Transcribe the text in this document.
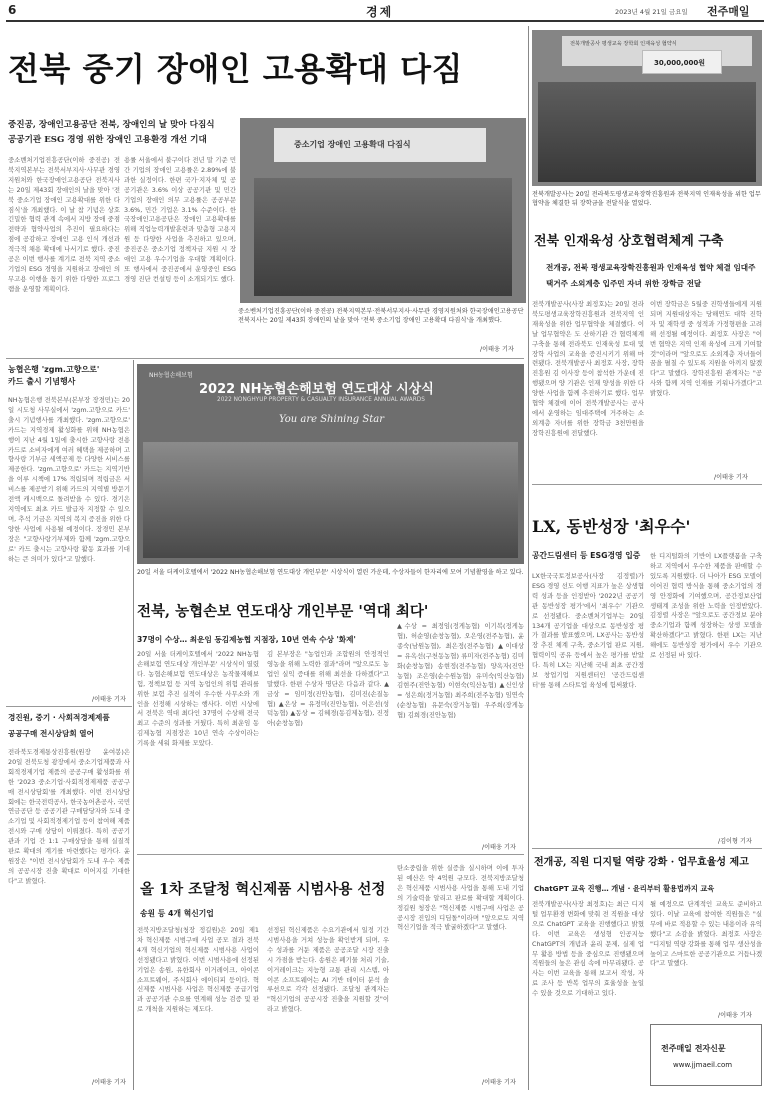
6	경제	2023년 4월 21일 금요일 전주매일
전북 중기 장애인 고용확대 다짐
중소기업 장애인 고용확대 다짐식
중소벤처기업진흥공단(이하 중진공) 전북지역본부·전북서부지사·사무관 경영지원처와 한국장애인고용공단 전북지사는 20일 제43회 장애인의 날을 맞아 '전북 중소기업 장애인 고용확대 다짐식'을 개최했다.
중진공, 장애인고용공단 전북, 장애인의 날 맞아 다짐식
공공기관 ESG 경영 위한 장애인 고용환경 개선 기대
중소벤처기업진흥공단(이하 중진공) 전북지역본부는 전북서부지사·사무관 경영지원처와 한국장애인고용공단 전북지사는 20일 제43회 장애인의 날을 맞아 '전북 중소기업 장애인 고용확대를 위한 다짐식'을 개최했다. 이 날 참 기념은 상호 긴밀한 협력 관계 속에서 지방 장애 중점 전략과 협약사업의 추진이 필요하다는 점에 공감하고 장애인 고용 인식 개선과 적극적 채용 확대에 나서기로 했다. 중진공은 이번 행사를 계기로 전북 지역 중소기업의 ESG 경영을 지원하고 장애인 의무고용 이행을 돕기 위한 다양한 프로그램을 운영할 계획이다.
용률 서울에서 불구이다 전년 말 기준 민간 기업의 장애인 고용률은 2.89%에 불과한 실정이다. 한편 국가·지자체 및 공공기관은 3.6% 이상 공공기관 및 민간 기업의 장애인 의무 고용률은 공공부문 3.6%, 민간 기업은 3.1% 수준이다. 한국장애인고용공단은 장애인 고용확대를 위해 직업능력개발훈련과 맞춤형 고용지원 등 다양한 사업을 추진하고 있으며, 중진공은 중소기업 정책자금 지원 시 장애인 고용 우수기업을 우대할 계획이다. 또 행사에서 중진공에서 운영중인 ESG 경영 진단 컨설팅 등이 소개되기도 했다.
/이태웅 기자
전북개발공사 평생교육 장학회 인재육성 협약식
30,000,000원
전북개발공사는 20일 전라북도평생교육장학진흥원과 전북지역 인재육성을 위한 업무협약을 체결한 뒤 장학금을 전달식을 열었다.
전북 인재육성 상호협력체계 구축
전개공, 전북 평생교육장학진흥원과 인재육성 협약 체결 임대주택거주 소외계층 입주민 자녀 위한 장학금 전달
전북개발공사(사장 최정호)는 20일 전라북도평생교육장학진흥원과 전북지역 인재육성을 위한 업무협약을 체결했다. 이날 업무협약은 도 산하기관 간 협력체계 구축을 통해 전라북도 인재육성 토대 및 장학 사업의 교육을 증진시키기 위해 마련됐다. 전북개발공사 최정호 사장, 장학진흥원 김 이사장 등이 참석한 가운데 진행됐으며 양 기관은 인재 양성을 위한 다양한 사업을 함께 추진하기로 했다. 업무협약 체결에 이어 전북개발공사는 공사에서 운영하는 임대주택에 거주하는 소외계층 자녀를 위한 장학금 3천만원을 장학진흥원에 전달했다.
이번 장학금은 5월중 진학생들에게 지원되며 지원대상자는 당해연도 대학 진학자 및 재학생 중 성적과 가정형편을 고려해 선정될 예정이다. 최정호 사장은 "이번 협약은 지역 인재 육성에 크게 기여할 것"이라며 "앞으로도 소외계층 자녀들이 꿈을 펼칠 수 있도록 지원을 아끼지 않겠다"고 말했다. 장학진흥원 관계자는 "공사와 함께 지역 인재를 키워나가겠다"고 밝혔다.
/이태웅 기자
농협은행 'zgm.고향으로'
카드 출시 기념행사
NH농협은행 전북본부(본부장 장경민)는 20일 시도청 사무실에서 'zgm.고향으로 카드' 출시 기념행사를 개최했다. 'zgm.고향으로' 카드는 지역경제 활성화를 위해 NH농협은행이 지난 4월 1일에 출시한 고향사랑 전용 카드로 소비자에게 여러 혜택을 제공하며 고향사랑 기부금 세액공제 등 다양한 서비스를 제공한다. 'zgm.고향으로' 카드는 지역기반을 이루 시책에 17% 적립되며 적립금은 서비스를 제공받기 위해 카드의 지역별 방문기 전액 캐시백으로 돌려받을 수 있다. 경기은 지역에도 최초 카드 발급자 지정할 수 있으며, 추석 기금은 지역의 복지 증진을 위한 다양한 사업에 사용될 예정이다. 장경민 본부장은 "고향사랑기부제와 함께 'zgm.고향으로' 카드 출시는 고향사랑 활동 효과를 기대하는 큰 의미가 있다"고 말했다.
/이태웅 기자
경진원, 중기 · 사회적경제제품
공공구매 전시상담회 열어
전라북도경제통상진흥원(원장 윤여봉)은 20일 전북도청 광장에서 중소기업제품과 사회적경제기업 제품의 공공구매 활성화를 위한 '2023 중소기업·사회적경제제품 공공구매 전시상담회'를 개최했다. 이번 전시상담회에는 한국전력공사, 한국농어촌공사, 국민연금공단 등 공공기관 구매담당자와 도내 중소기업 및 사회적경제기업 등이 참여해 제품 전시와 구매 상담이 이뤄졌다. 특히 공공기관과 기업 간 1:1 구매상담을 통해 실질적 판로 확대의 계기를 마련했다는 평가다. 윤 원장은 "이번 전시상담회가 도내 우수 제품의 공공시장 진출 확대로 이어지길 기대한다"고 밝혔다.
/이태웅 기자
NH농협손해보험
2022 NH농협손해보험 연도대상 시상식
2022 NONGHYUP PROPERTY & CASUALTY INSURANCE ANNUAL AWARDS
You are Shining Star
20일 서울 더케이호텔에서 '2022 NH농협손해보험 연도대상 개인부문' 시상식이 열린 가운데, 수상자들이 한자리에 모여 기념촬영을 하고 있다.
전북, 농협손보 연도대상 개인부문 '역대 최다'
37명이 수상… 최운임 동김제농협 지점장, 10년 연속 수상 '화제'
20일 서울 더케이호텔에서 '2022 NH농협손해보험 연도대상 개인부문' 시상식이 열렸다. 농협손해보험 연도대상은 농작물재해보험, 정책보험 등 지역 농업인의 위험 관리를 위한 보험 추진 실적이 우수한 사무소와 개인을 선정해 시상하는 행사다. 이번 시상에서 전북은 역대 최다인 37명이 수상해 전국 최고 수준의 성과를 거뒀다. 특히 최운임 동김제농협 지점장은 10년 연속 수상이라는 기록을 세워 화제를 모았다.
김 본부장은 "농업인과 조합원의 안정적인 영농을 위해 노력한 결과"라며 "앞으로도 농업인 실익 증대를 위해 최선을 다하겠다"고 말했다. 한편 수상자 명단은 다음과 같다. ▲금상 = 임미정(진안농협), 김미진(손질농협) ▲은상 = 유정미(진안농협), 이은선(성덕농협) ▲동상 = 김혜경(동김제농협), 진정아(순창농협)
▲수상 = 최정임(정게농협) 이기복(정게농협), 허순영(순창농협), 오은영(전주농협), 윤종숙(남원농협), 최은정(전주농협) ▲이대상 = 유옥선(구천동농협) 류미자(전주농협) 김미화(순창농협) 송현정(전주농협) 양옥자(진안농협) 조은영(순수원농협) 유미숙(익산농협) 김현주(진안농협) 이현숙(익산농협) ▲신인상 = 성은희(정거농협) 최주희(전주농협) 임연숙(순창농협) 유문숙(장거농협) 우주희(장게농협) 김희경(진안농협)
/이태웅 기자
올 1차 조달청 혁신제품 시범사용 선정
송원 등 4개 혁신기업
전북지방조달청(청장 정길원)은 20일 제1차 혁신제품 시범구매 사업 공모 결과 전북 4개 혁신기업의 혁신제품 시범사용 사업이 선정됐다고 밝혔다. 이번 시범사용에 선정된 기업은 송원, 유한회사 이거레이크, 아이콘 소프트웨어, 주식회사 에이티피 등이다. 혁신제품 시범사용 사업은 혁신제품 공급기업과 공공기관 수요를 연계해 성능 검증 및 판로 개척을 지원하는 제도다.
선정된 혁신제품은 수요기관에서 일정 기간 시범사용을 거쳐 성능을 확인받게 되며, 우수 성과를 거둔 제품은 공공조달 시장 진출 시 가점을 받는다. 송원은 폐기물 처리 기술, 이거레이크는 지능형 교통 관리 시스템, 아이콘 소프트웨어는 AI 기반 데이터 분석 솔루션으로 각각 선정됐다. 조달청 관계자는 "혁신기업의 공공시장 진출을 지원할 것"이라고 밝혔다.
탄소중립을 위한 실증을 실시하며 이에 투자된 예산은 약 4억원 규모다. 전북지방조달청은 혁신제품 시범사용 사업을 통해 도내 기업의 기술력을 알리고 판로를 확대할 계획이다. 정길원 청장은 "혁신제품 시범구매 사업은 공공시장 진입의 디딤돌"이라며 "앞으로도 지역 혁신기업을 적극 발굴하겠다"고 말했다.
/이태웅 기자
LX, 동반성장 '최우수'
공간드림센터 등 ESG경영 입증
LX한국국토정보공사(사장 김정렬)가 ESG 경영 선도 이행 지표가 높은 상생협력 성과 등을 인정받아 '2022년 공공기관 동반성장 평가'에서 '최우수' 기관으로 선정됐다. 중소벤처기업부는 20일 134개 공기업을 대상으로 동반성장 평가 결과를 발표했으며, LX공사는 동반성장 추진 체계 구축, 중소기업 판로 지원, 협력이익 공유 등에서 높은 평가를 받았다. 특히 LX는 지난해 국내 최초 공간정보 창업기업 지원센터인 '공간드림센터'를 통해 스타트업 육성에 힘써왔다.
한 디지털화의 기반이 LX플랫폼을 구축하고 지역에서 우수한 제품을 판매할 수 있도록 지원했다. 더 나아가 ESG 모델이 이어진 협력 방식을 통해 중소기업의 경영 안정화에 기여했으며, 공간정보산업 생태계 조성을 위한 노력을 인정받았다. 김정렬 사장은 "앞으로도 공간정보 분야 중소기업과 함께 성장하는 상생 모델을 확산하겠다"고 밝혔다. 한편 LX는 지난해에도 동반성장 평가에서 우수 기관으로 선정된 바 있다.
/김이형 기자
전개공, 직원 디지털 역량 강화 · 업무효율성 제고
ChatGPT 교육 진행… 개념 · 윤리부터 활용법까지 교육
전북개발공사(사장 최정호)는 최근 디지털 업무환경 변화에 맞춰 전 직원을 대상으로 ChatGPT 교육을 진행했다고 밝혔다. 이번 교육은 생성형 인공지능 ChatGPT의 개념과 윤리 문제, 실제 업무 활용 방법 등을 중심으로 진행됐으며 직원들의 높은 관심 속에 마무리됐다. 공사는 이번 교육을 통해 보고서 작성, 자료 조사 등 반복 업무의 효율성을 높일 수 있을 것으로 기대하고 있다.
될 예정으로 단계적인 교육도 준비하고 있다. 이날 교육에 참여한 직원들은 "실무에 바로 적용할 수 있는 내용이라 유익했다"고 소감을 밝혔다. 최정호 사장은 "디지털 역량 강화를 통해 업무 생산성을 높이고 스마트한 공공기관으로 거듭나겠다"고 말했다.
/이태웅 기자
전주매일 전자신문
www.jjmaeil.com
